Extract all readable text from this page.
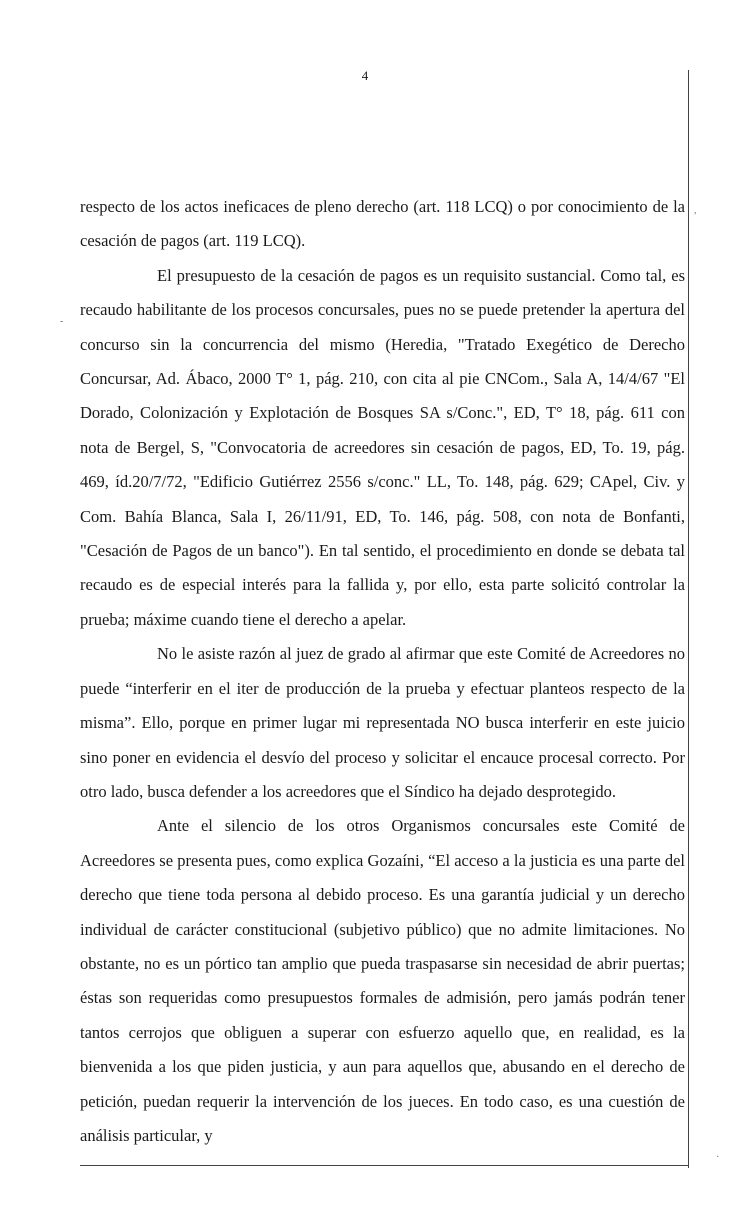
4
-
,
·

respecto de los actos ineficaces de pleno derecho (art. 118 LCQ) o por conocimiento de la cesación de pagos (art. 119 LCQ).

El presupuesto de la cesación de pagos es un requisito sustancial. Como tal, es recaudo habilitante de los procesos concursales, pues no se puede pretender la apertura del concurso sin la concurrencia del mismo (Heredia, "Tratado Exegético de Derecho Concursar, Ad. Ábaco, 2000 T° 1, pág. 210, con cita al pie CNCom., Sala A, 14/4/67 "El Dorado, Colonización y Explotación de Bosques SA s/Conc.", ED, T° 18, pág. 611 con nota de Bergel, S, "Convocatoria de acreedores sin cesación de pagos, ED, To. 19, pág. 469, íd.20/7/72, "Edificio Gutiérrez 2556 s/conc." LL, To. 148, pág. 629; CApel, Civ. y Com. Bahía Blanca, Sala I, 26/11/91, ED, To. 146, pág. 508, con nota de Bonfanti, "Cesación de Pagos de un banco"). En tal sentido, el procedimiento en donde se debata tal recaudo es de especial interés para la fallida y, por ello, esta parte solicitó controlar la prueba; máxime cuando tiene el derecho a apelar.

No le asiste razón al juez de grado al afirmar que este Comité de Acreedores no puede “interferir en el iter de producción de la prueba y efectuar planteos respecto de la misma”. Ello, porque en primer lugar mi representada NO busca interferir en este juicio sino poner en evidencia el desvío del proceso y solicitar el encauce procesal correcto. Por otro lado, busca defender a los acreedores que el Síndico ha dejado desprotegido.

Ante el silencio de los otros Organismos concursales este Comité de Acreedores se presenta pues, como explica Gozaíni, “El acceso a la justicia es una parte del derecho que tiene toda persona al debido proceso. Es una garantía judicial y un derecho individual de carácter constitucional (subjetivo público) que no admite limitaciones. No obstante, no es un pórtico tan amplio que pueda traspasarse sin necesidad de abrir puertas; éstas son requeridas como presupuestos formales de admisión, pero jamás podrán tener tantos cerrojos que obliguen a superar con esfuerzo aquello que, en realidad, es la bienvenida a los que piden justicia, y aun para aquellos que, abusando en el derecho de petición, puedan requerir la intervención de los jueces. En todo caso, es una cuestión de análisis particular, y
